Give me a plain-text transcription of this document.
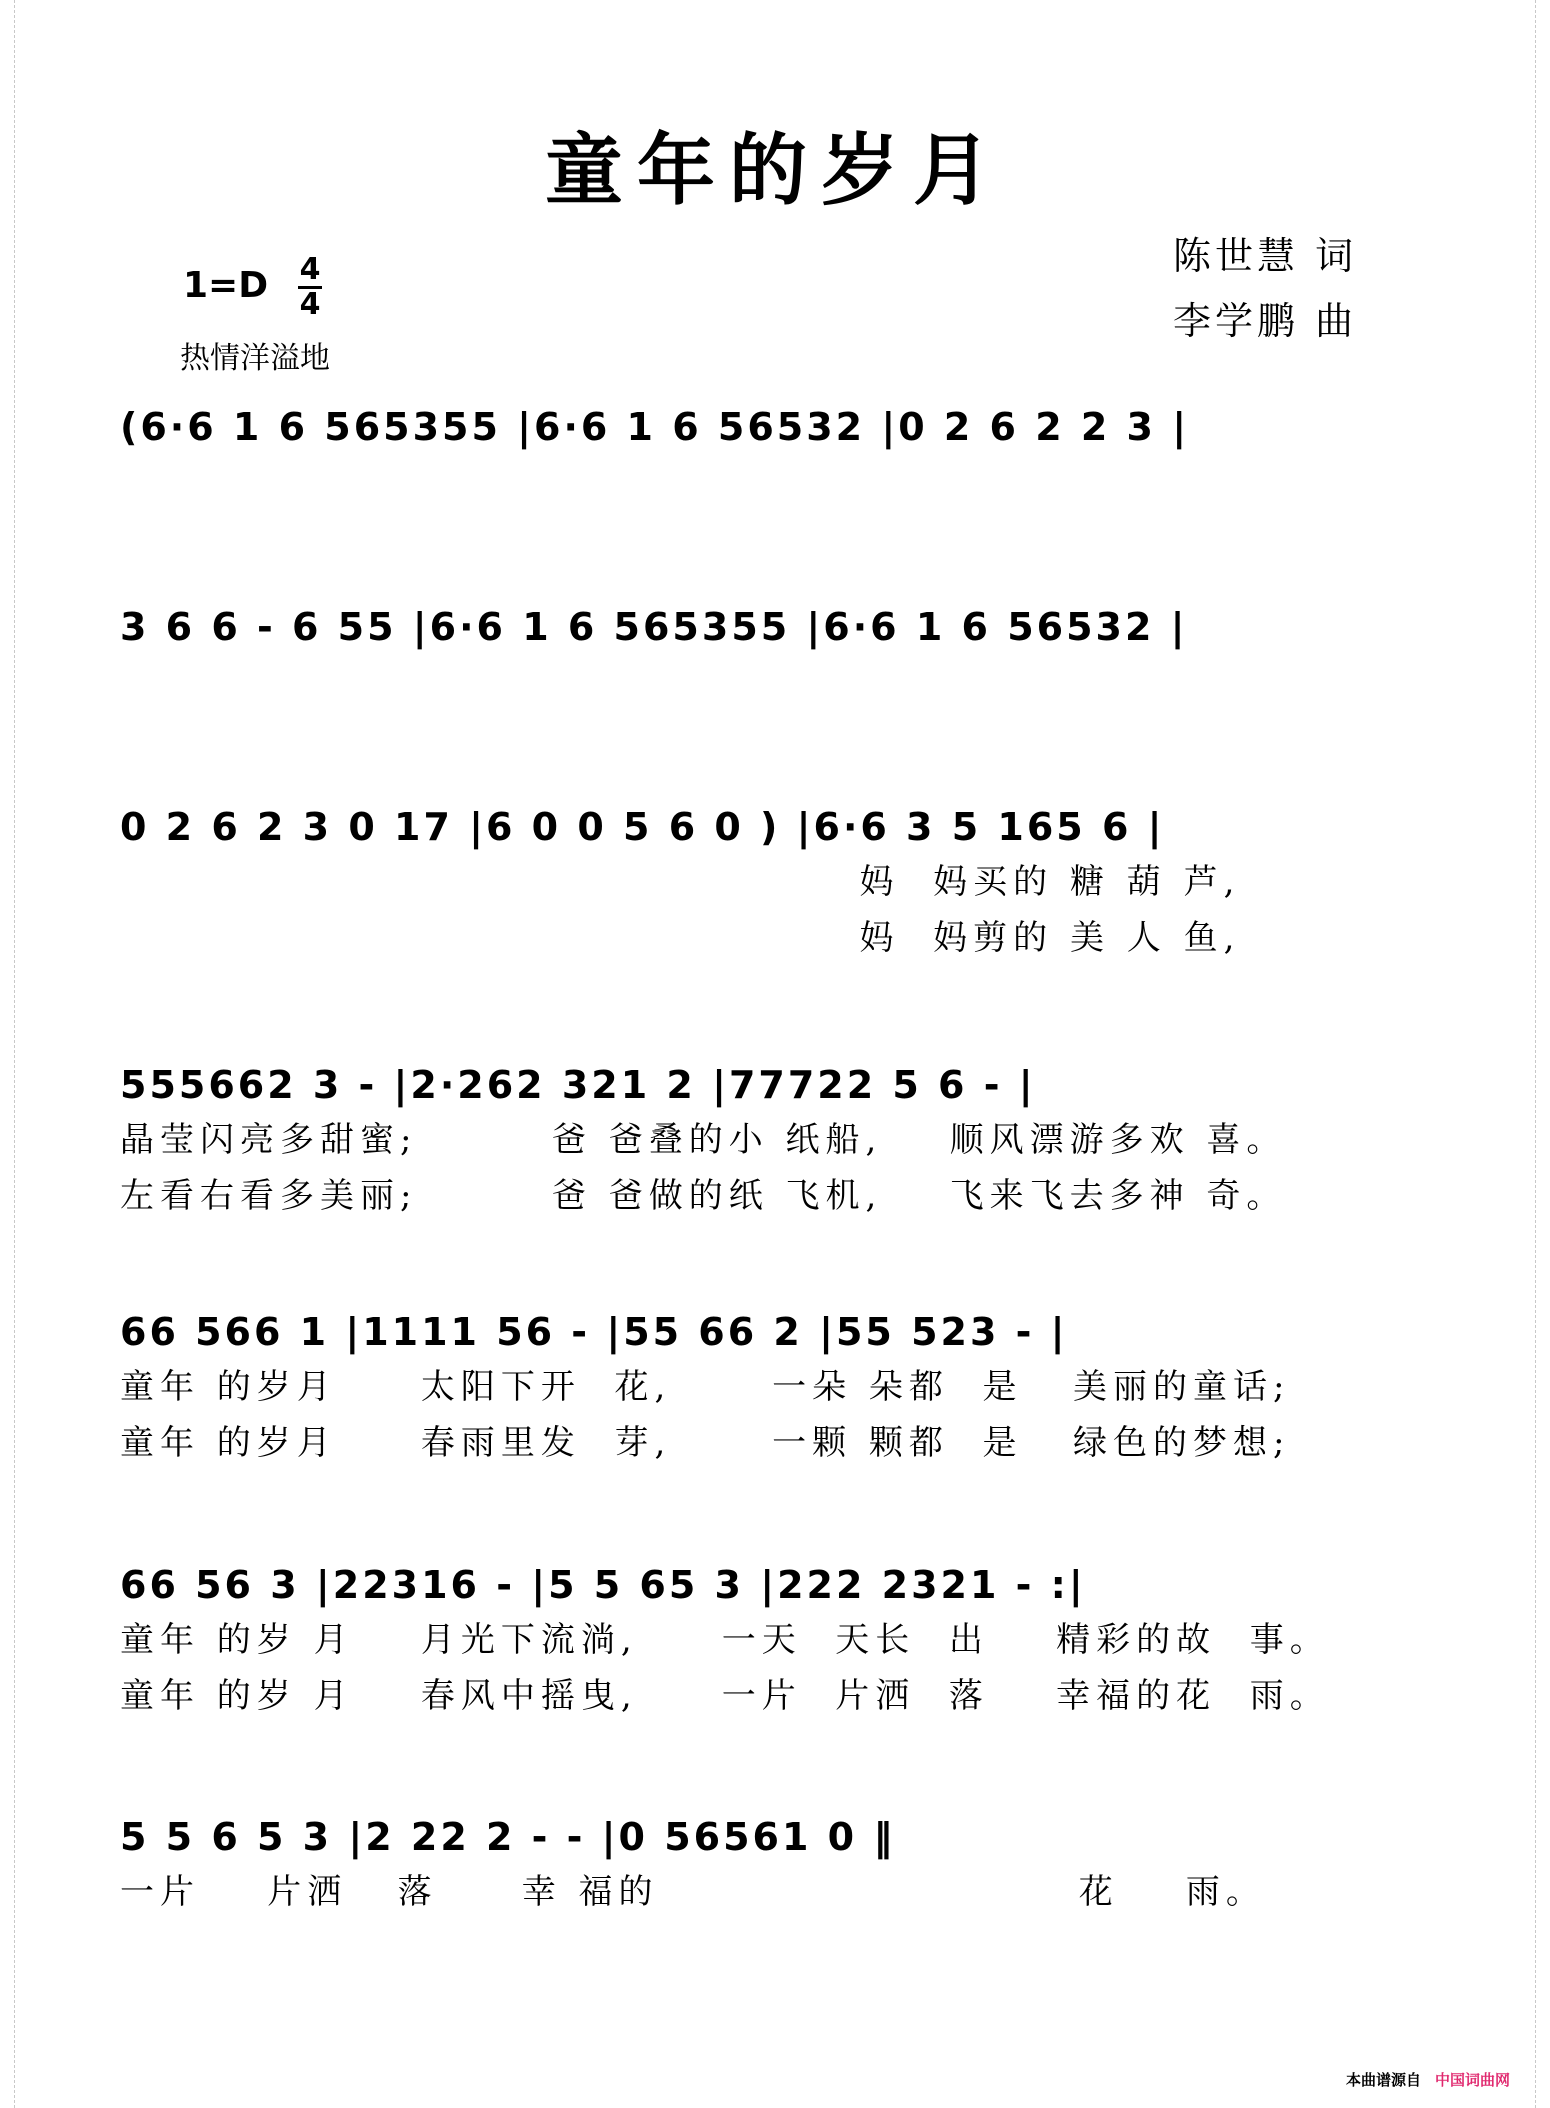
童年的岁月
1=D 4
4
热情洋溢地
陈世慧 词
李学鹏 曲
(6·6 1 6 565355 |6·6 1 6 56532 |0 2 6 2 2 3 |
3 6 6 - 6 55 |6·6 1 6 565355 |6·6 1 6 56532 |
0 2 6 2 3 0 17 |6 0 0 5 6 0 ) |6·6 3 5 165 6 |
妈  妈买的 糖 葫 芦,
妈  妈剪的 美 人 鱼,
555662 3 - |2·262 321 2 |77722 5 6 - |
晶莹闪亮多甜蜜;        爸 爸叠的小 纸船,    顺风漂游多欢 喜。
左看右看多美丽;        爸 爸做的纸 飞机,    飞来飞去多神 奇。
66 566 1 |1111 56 - |55 66 2 |55 523 - |
童年 的岁月     太阳下开  花,      一朵 朵都  是   美丽的童话;
童年 的岁月     春雨里发  芽,      一颗 颗都  是   绿色的梦想;
66 56 3 |22316 - |5 5 65 3 |222 2321 - :|
童年 的岁 月    月光下流淌,     一天  天长  出    精彩的故  事。
童年 的岁 月    春风中摇曳,     一片  片洒  落    幸福的花  雨。
5 5 6 5 3 |2 22 2 - - |0 56561 0 ‖
一片    片洒   落     幸 福的                         花    雨。
本曲谱源自 中国词曲网
